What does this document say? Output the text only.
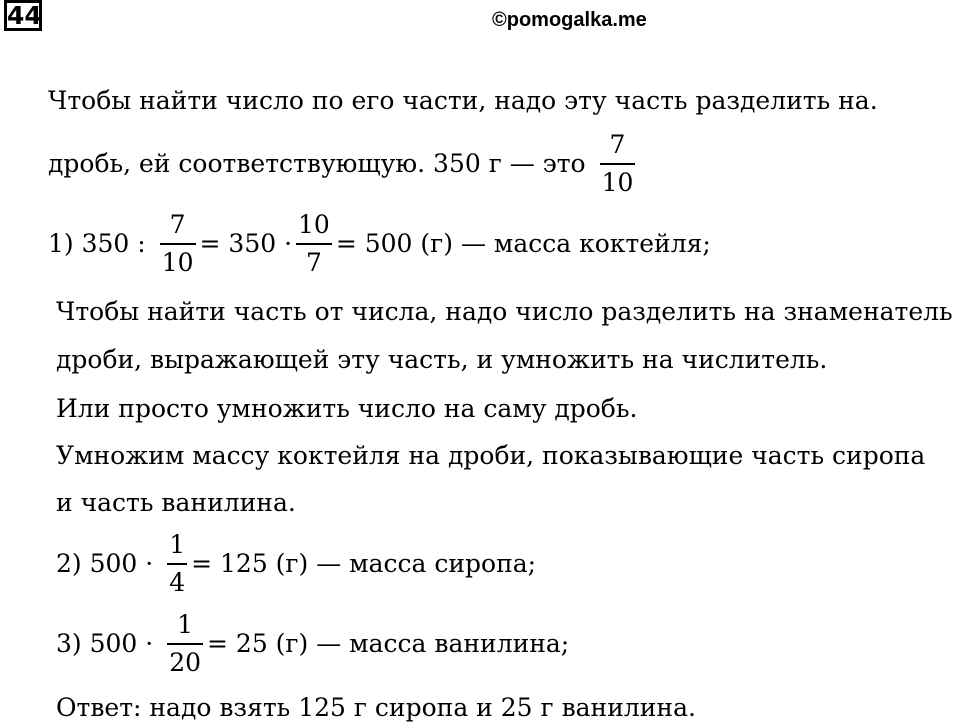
44	©pomogalka.me
Чтобы найти число по его части, надо эту часть разделить на.
дробь, ей соответствующую. 350 г — это $\frac{7}{10}$
1) 350 : $\frac{7}{10} = 350 \cdot \frac{10}{7} = 500$ (г) — масса коктейля;
Чтобы найти часть от числа, надо число разделить на знаменатель
дроби, выражающей эту часть, и умножить на числитель.
Или просто умножить число на саму дробь.
Умножим массу коктейля на дроби, показывающие часть сиропа
и часть ванилина.
2) $500 \cdot \frac{1}{4} = 125$ (г) — масса сиропа;
3) $500 \cdot \frac{1}{20} = 25$ (г) — масса ванилина;
Ответ: надо взять 125 г сиропа и 25 г ванилина.
